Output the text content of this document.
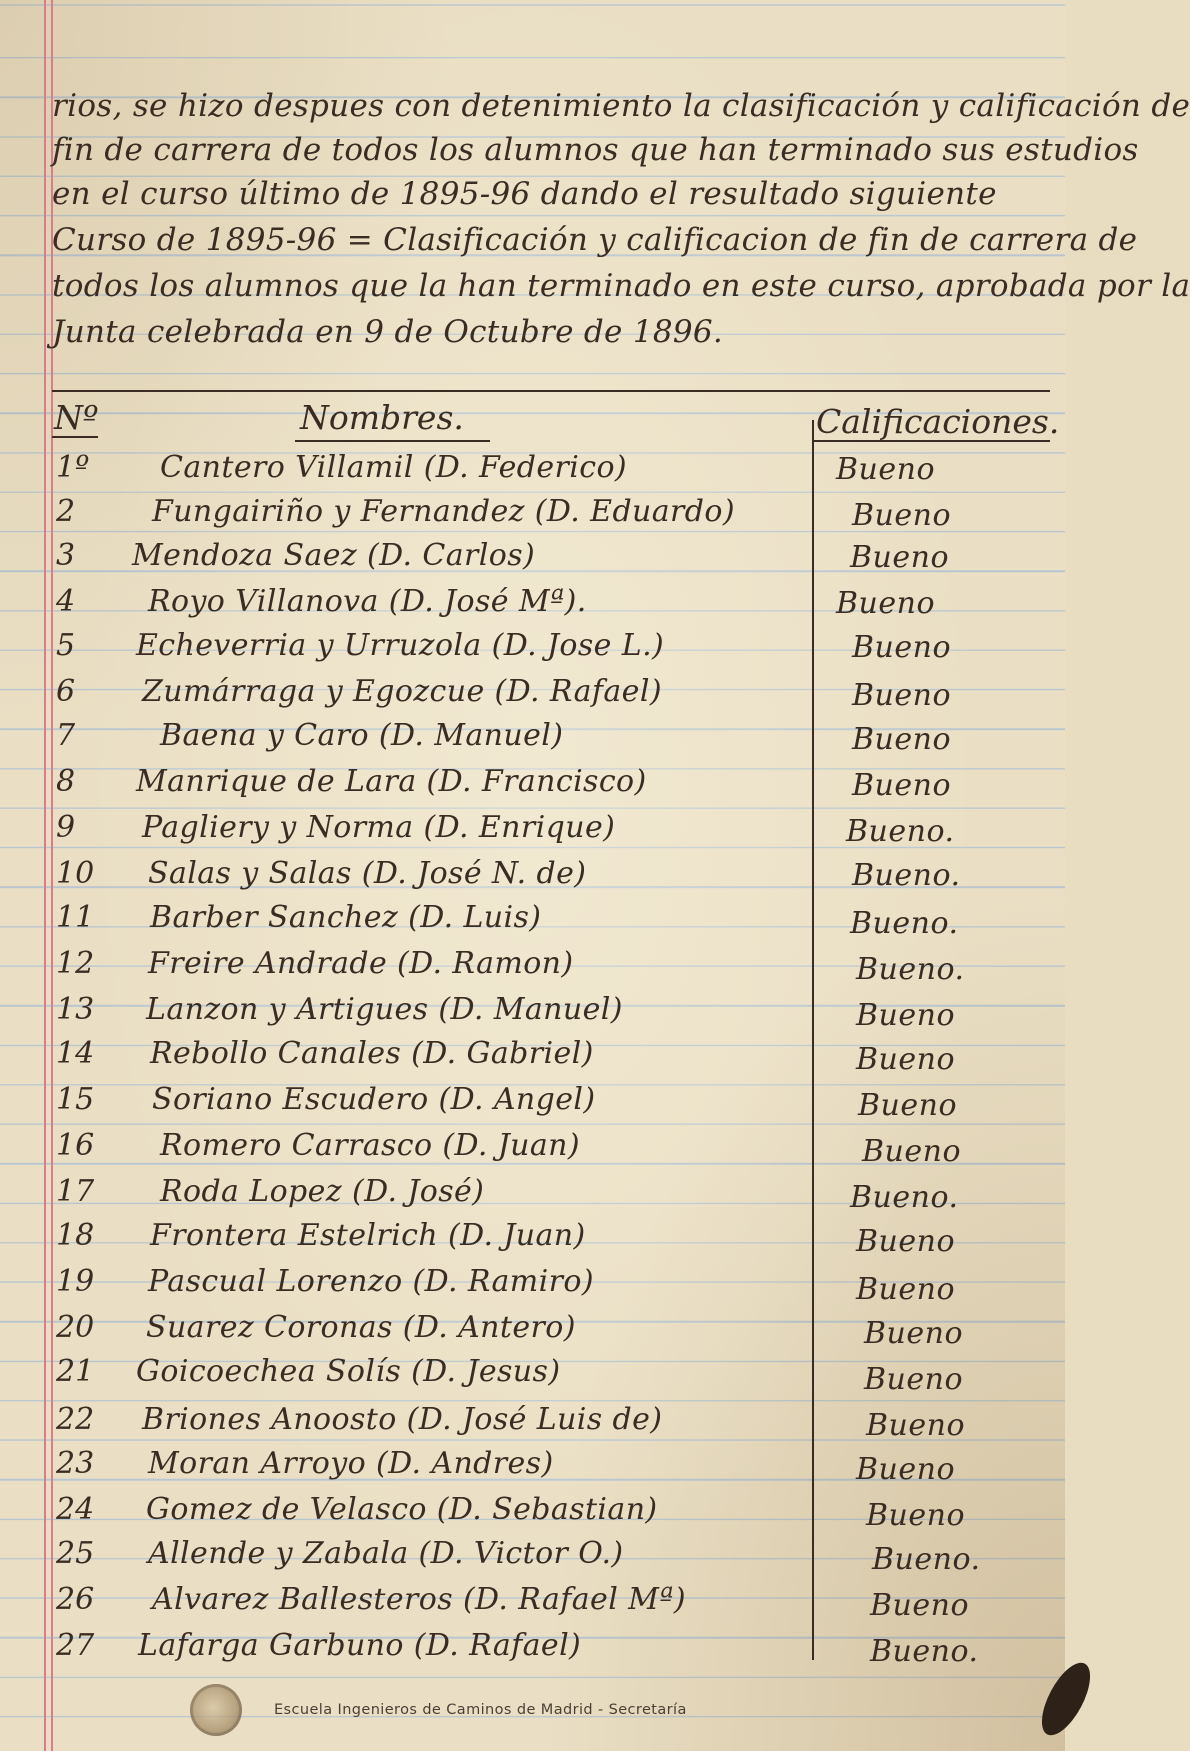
rios, se hizo despues con detenimiento la clasificación y calificación de
fin de carrera de todos los alumnos que han terminado sus estudios
en el curso último de 1895-96 dando el resultado siguiente
Curso de 1895-96 = Clasificación y calificacion de fin de carrera de
todos los alumnos que la han terminado en este curso, aprobada por la
Junta celebrada en 9 de Octubre de 1896.
Nº	Nombres.	Calificaciones.
1º	Cantero Villamil (D. Federico)	Bueno
2	Fungairiño y Fernandez (D. Eduardo)	Bueno
3	Mendoza Saez (D. Carlos)	Bueno
4	Royo Villanova (D. José Mª).	Bueno
5	Echeverria y Urruzola (D. Jose L.)	Bueno
6	Zumárraga y Egozcue (D. Rafael)	Bueno
7	Baena y Caro (D. Manuel)	Bueno
8	Manrique de Lara (D. Francisco)	Bueno
9	Pagliery y Norma (D. Enrique)	Bueno.
10	Salas y Salas (D. José N. de)	Bueno.
11	Barber Sanchez (D. Luis)	Bueno.
12	Freire Andrade (D. Ramon)	Bueno.
13	Lanzon y Artigues (D. Manuel)	Bueno
14	Rebollo Canales (D. Gabriel)	Bueno
15	Soriano Escudero (D. Angel)	Bueno
16	Romero Carrasco (D. Juan)	Bueno
17	Roda Lopez (D. José)	Bueno.
18	Frontera Estelrich (D. Juan)	Bueno
19	Pascual Lorenzo (D. Ramiro)	Bueno
20	Suarez Coronas (D. Antero)	Bueno
21	Goicoechea Solís (D. Jesus)	Bueno
22	Briones Anoosto (D. José Luis de)	Bueno
23	Moran Arroyo (D. Andres)	Bueno
24	Gomez de Velasco (D. Sebastian)	Bueno
25	Allende y Zabala (D. Victor O.)	Bueno.
26	Alvarez Ballesteros (D. Rafael Mª)	Bueno
27	Lafarga Garbuno (D. Rafael)	Bueno.
Escuela Ingenieros de Caminos de Madrid - Secretaría
